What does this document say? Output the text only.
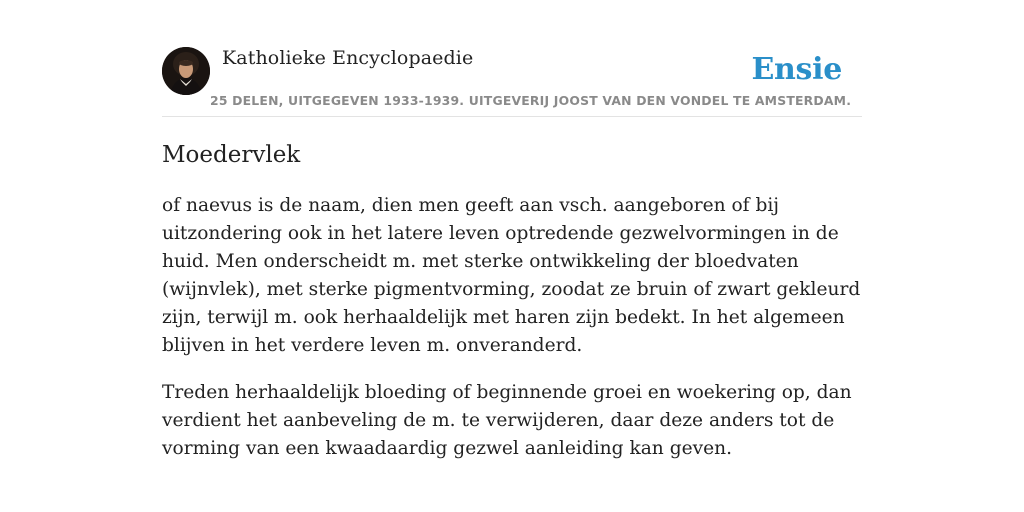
Katholieke Encyclopaedie
25 DELEN, UITGEGEVEN 1933-1939. UITGEVERIJ JOOST VAN DEN VONDEL TE AMSTERDAM.
Ensie
Moedervlek

of naevus is de naam, dien men geeft aan vsch. aangeboren of bij uitzondering ook in het latere leven optredende gezwelvormingen in de huid. Men onderscheidt m. met sterke ontwikkeling der bloedvaten (wijnvlek), met sterke pigmentvorming, zoodat ze bruin of zwart gekleurd zijn, terwijl m. ook herhaaldelijk met haren zijn bedekt. In het algemeen blijven in het verdere leven m. onveranderd.

Treden herhaaldelijk bloeding of beginnende groei en woekering op, dan verdient het aanbeveling de m. te verwijderen, daar deze anders tot de vorming van een kwaadaardig gezwel aanleiding kan geven.
